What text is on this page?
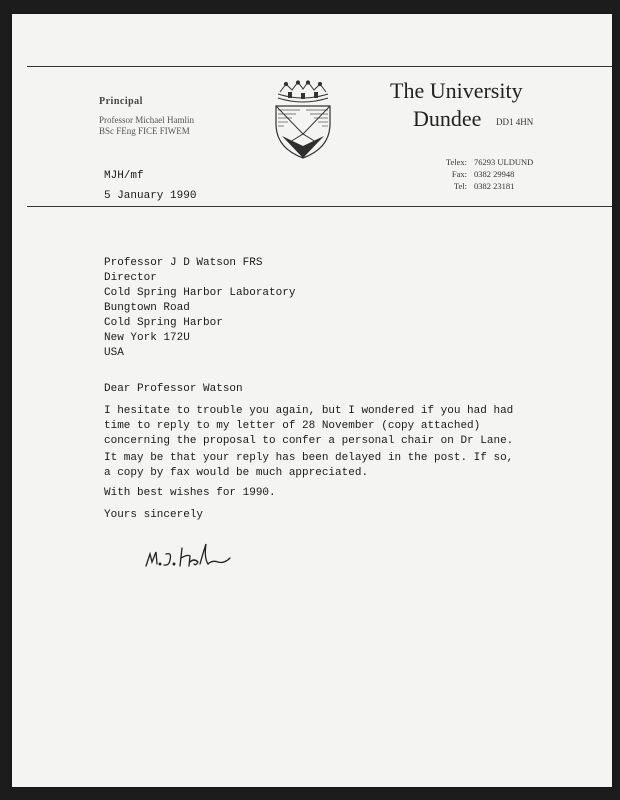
Principal
Professor Michael Hamlin
BSc FEng FICE FIWEM
The University
Dundee DD1 4HN
Telex: 76293 ULDUND
Fax: 0382 29948
Tel: 0382 23181
MJH/mf
5 January 1990
Professor J D Watson FRS
Director
Cold Spring Harbor Laboratory
Bungtown Road
Cold Spring Harbor
New York 172U
USA
Dear Professor Watson
I hesitate to trouble you again, but I wondered if you had had
time to reply to my letter of 28 November (copy attached)
concerning the proposal to confer a personal chair on Dr Lane.
It may be that your reply has been delayed in the post. If so,
a copy by fax would be much appreciated.
With best wishes for 1990.
Yours sincerely
